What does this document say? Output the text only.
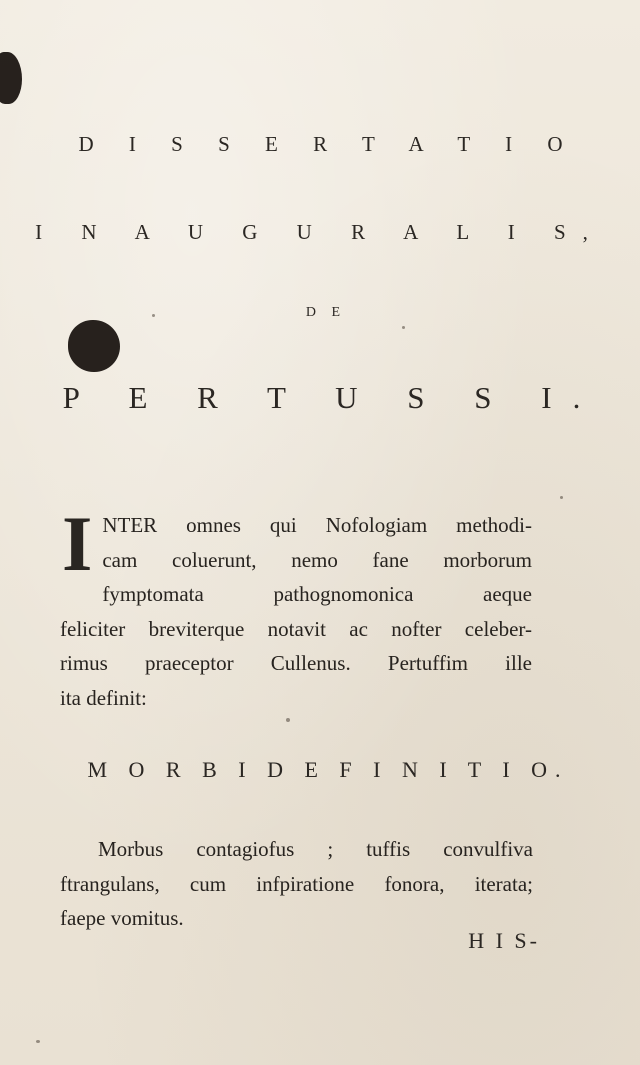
D I S S E R T A T I O
I N A U G U R A L I S,
D E
P E R T U S S I.
I NTER omnes qui Nofologiam methodi-
cam coluerunt, nemo fane morborum
fymptomata pathognomonica aeque
feliciter breviterque notavit ac nofter celeber-
rimus praeceptor Cullenus. Pertuffim ille
ita definit:
M O R B I D E F I N I T I O.
Morbus contagiofus ; tuffis convulfiva
ftrangulans, cum infpiratione fonora, iterata;
faepe vomitus.
H I S-
